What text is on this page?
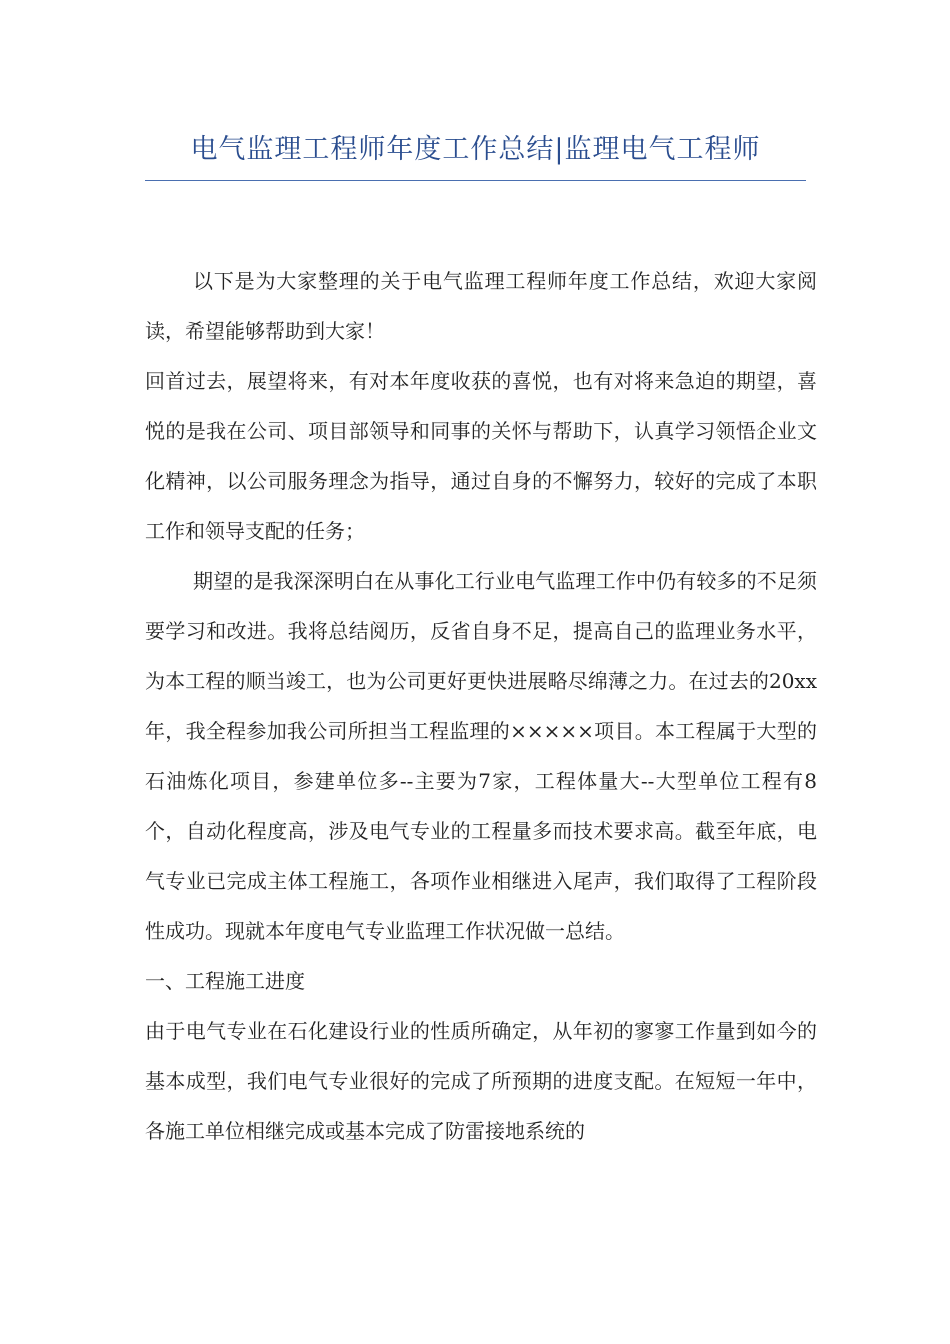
电气监理工程师年度工作总结|监理电气工程师

以下是为大家整理的关于电气监理工程师年度工作总结，欢迎大家阅读，希望能够帮助到大家！

回首过去，展望将来，有对本年度收获的喜悦，也有对将来急迫的期望，喜悦的是我在公司、项目部领导和同事的关怀与帮助下，认真学习领悟企业文化精神，以公司服务理念为指导，通过自身的不懈努力，较好的完成了本职工作和领导支配的任务；

期望的是我深深明白在从事化工行业电气监理工作中仍有较多的不足须要学习和改进。我将总结阅历，反省自身不足，提高自己的监理业务水平，为本工程的顺当竣工，也为公司更好更快进展略尽绵薄之力。在过去的20xx年，我全程参加我公司所担当工程监理的×××××项目。本工程属于大型的石油炼化项目，参建单位多--主要为7家，工程体量大--大型单位工程有8个，自动化程度高，涉及电气专业的工程量多而技术要求高。截至年底，电气专业已完成主体工程施工，各项作业相继进入尾声，我们取得了工程阶段性成功。现就本年度电气专业监理工作状况做一总结。

一、工程施工进度

由于电气专业在石化建设行业的性质所确定，从年初的寥寥工作量到如今的基本成型，我们电气专业很好的完成了所预期的进度支配。在短短一年中，各施工单位相继完成或基本完成了防雷接地系统的
